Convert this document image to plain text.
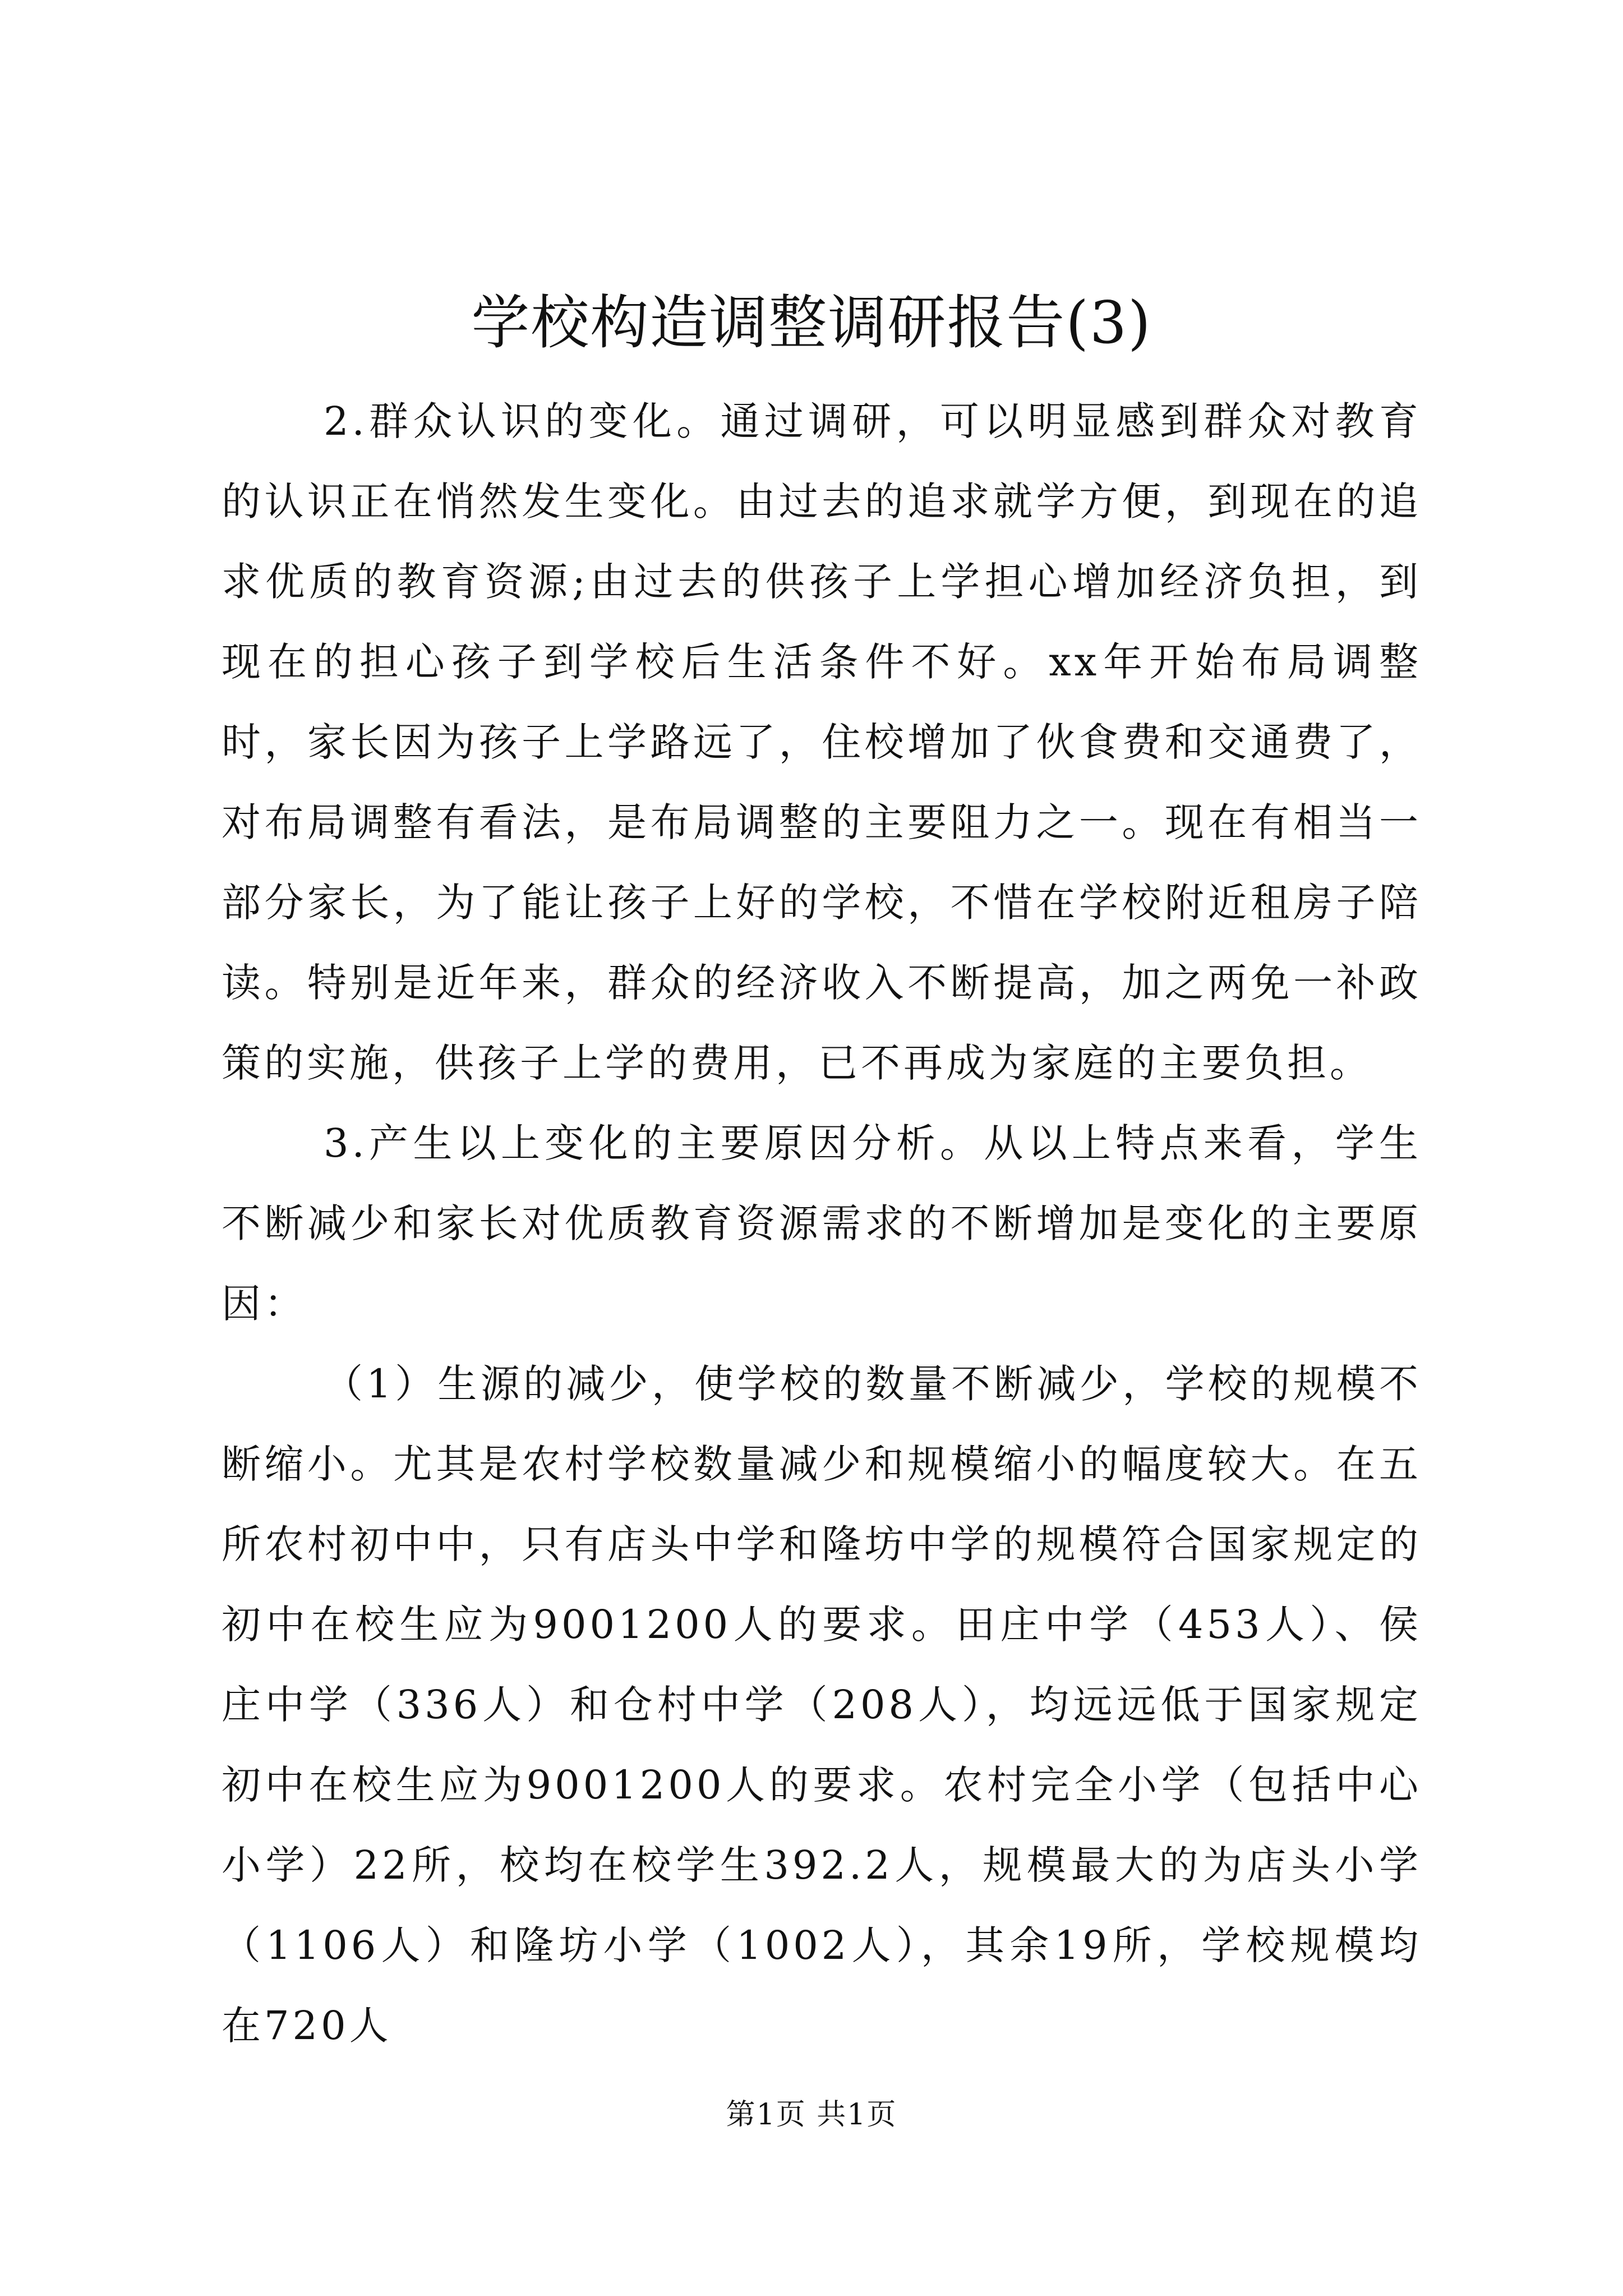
学校构造调整调研报告(3)

2.群众认识的变化。通过调研，可以明显感到群众对教育的认识正在悄然发生变化。由过去的追求就学方便，到现在的追求优质的教育资源;由过去的供孩子上学担心增加经济负担，到现在的担心孩子到学校后生活条件不好。xx年开始布局调整时，家长因为孩子上学路远了，住校增加了伙食费和交通费了，对布局调整有看法，是布局调整的主要阻力之一。现在有相当一部分家长，为了能让孩子上好的学校，不惜在学校附近租房子陪读。特别是近年来，群众的经济收入不断提高，加之两免一补政策的实施，供孩子上学的费用，已不再成为家庭的主要负担。

3.产生以上变化的主要原因分析。从以上特点来看，学生不断减少和家长对优质教育资源需求的不断增加是变化的主要原因：

（1）生源的减少，使学校的数量不断减少，学校的规模不断缩小。尤其是农村学校数量减少和规模缩小的幅度较大。在五所农村初中中，只有店头中学和隆坊中学的规模符合国家规定的初中在校生应为9001200人的要求。田庄中学（453人）、侯庄中学（336人）和仓村中学（208人），均远远低于国家规定初中在校生应为9001200人的要求。农村完全小学（包括中心小学）22所，校均在校学生392.2人，规模最大的为店头小学（1106人）和隆坊小学（1002人），其余19所，学校规模均在720人

第1页 共1页
